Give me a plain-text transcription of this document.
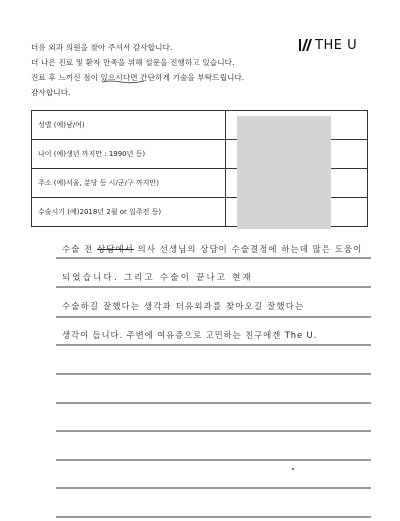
더유 외과 의원을 찾아 주셔서 감사합니다.
더 나은 진료 및 환자 만족을 위해 설문을 진행하고 있습니다.
진료 후 느끼신 점이 있으시다면 간단하게 기술을 부탁드립니다.
감사합니다.
THE U
성별 (예)남/여)	
나이 (예)생년 까지만 : 1990년 등)	
주소 (예)서울, 분당 등 시/군/구 까지만)	
수술시기 (예)2018년 2월 or 일주전 등)	
수술 전 상담에서 의사 선생님의 상담이 수술결정에 하는데 많은 도움이
되었습니다. 그리고 수술이 끝나고 현재
수술하길 잘했다는 생각과 더유외과를 찾아오길 잘했다는
생각이 듭니다. 주변에 여유증으로 고민하는 친구에겐 The U.
